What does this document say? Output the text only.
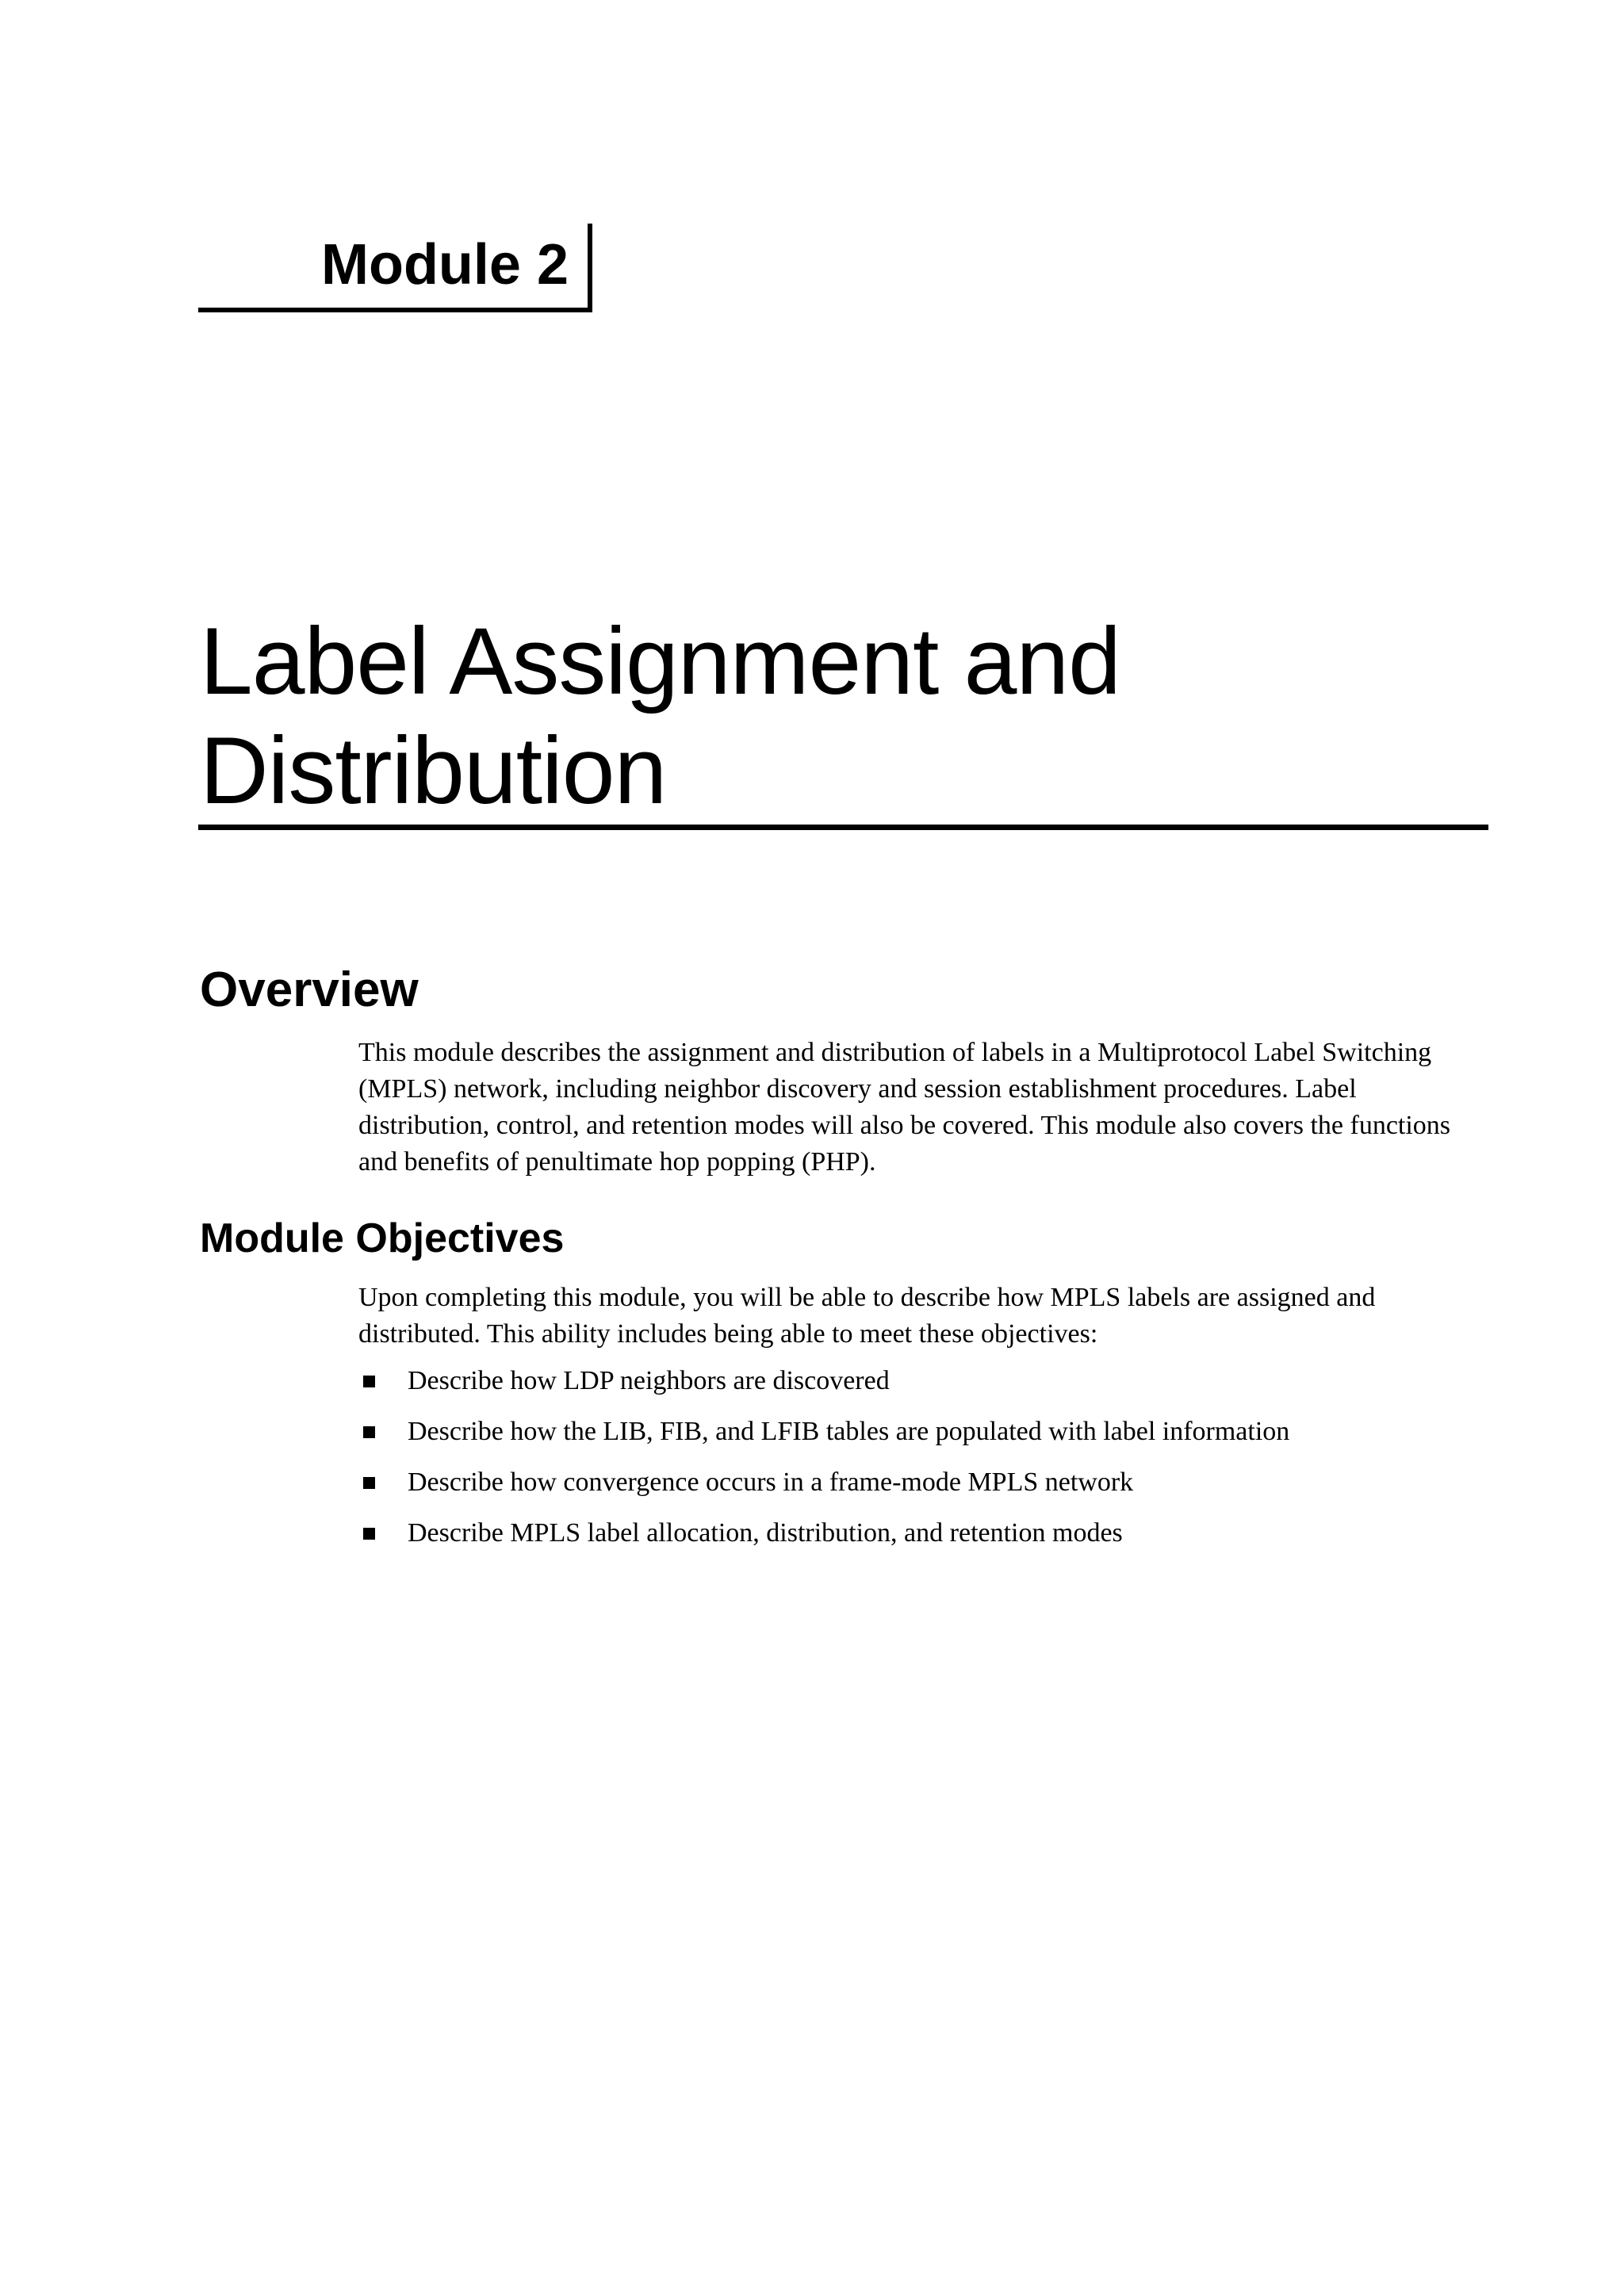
Module 2
Label Assignment and Distribution
Overview

This module describes the assignment and distribution of labels in a Multiprotocol Label Switching (MPLS) network, including neighbor discovery and session establishment procedures. Label distribution, control, and retention modes will also be covered. This module also covers the functions and benefits of penultimate hop popping (PHP).

Module Objectives

Upon completing this module, you will be able to describe how MPLS labels are assigned and distributed. This ability includes being able to meet these objectives:

Describe how LDP neighbors are discovered
Describe how the LIB, FIB, and LFIB tables are populated with label information
Describe how convergence occurs in a frame-mode MPLS network
Describe MPLS label allocation, distribution, and retention modes
